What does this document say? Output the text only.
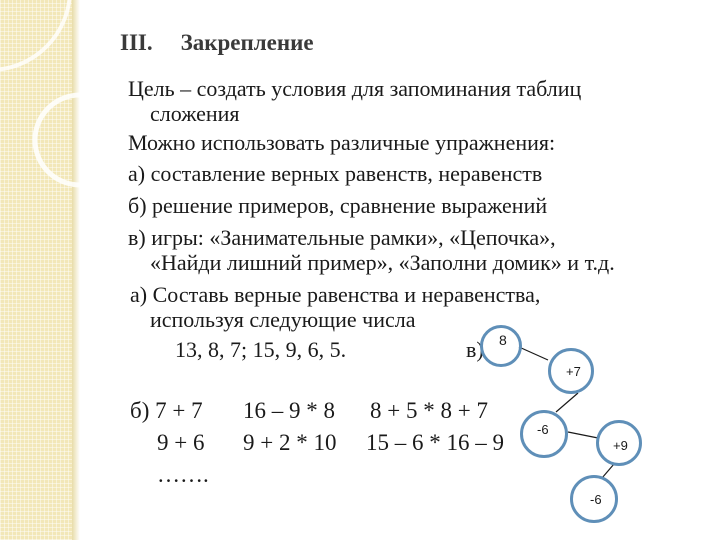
III. Закрепление
Цель – создать условия для запоминания таблиц
сложения
Можно использовать различные упражнения:
а) составление верных равенств, неравенств
б) решение примеров, сравнение выражений
в) игры: «Занимательные рамки», «Цепочка»,
«Найди лишний пример», «Заполни домик» и т.д.
а) Составь верные равенства и неравенства,
используя следующие числа
13, 8, 7; 15, 9, 6, 5.	в)
б) 7 + 7 16 – 9 * 8 8 + 5 * 8 + 7
9 + 6 9 + 2 * 10 15 – 6 * 16 – 9
…….
8
+7
-6
+9
-6
